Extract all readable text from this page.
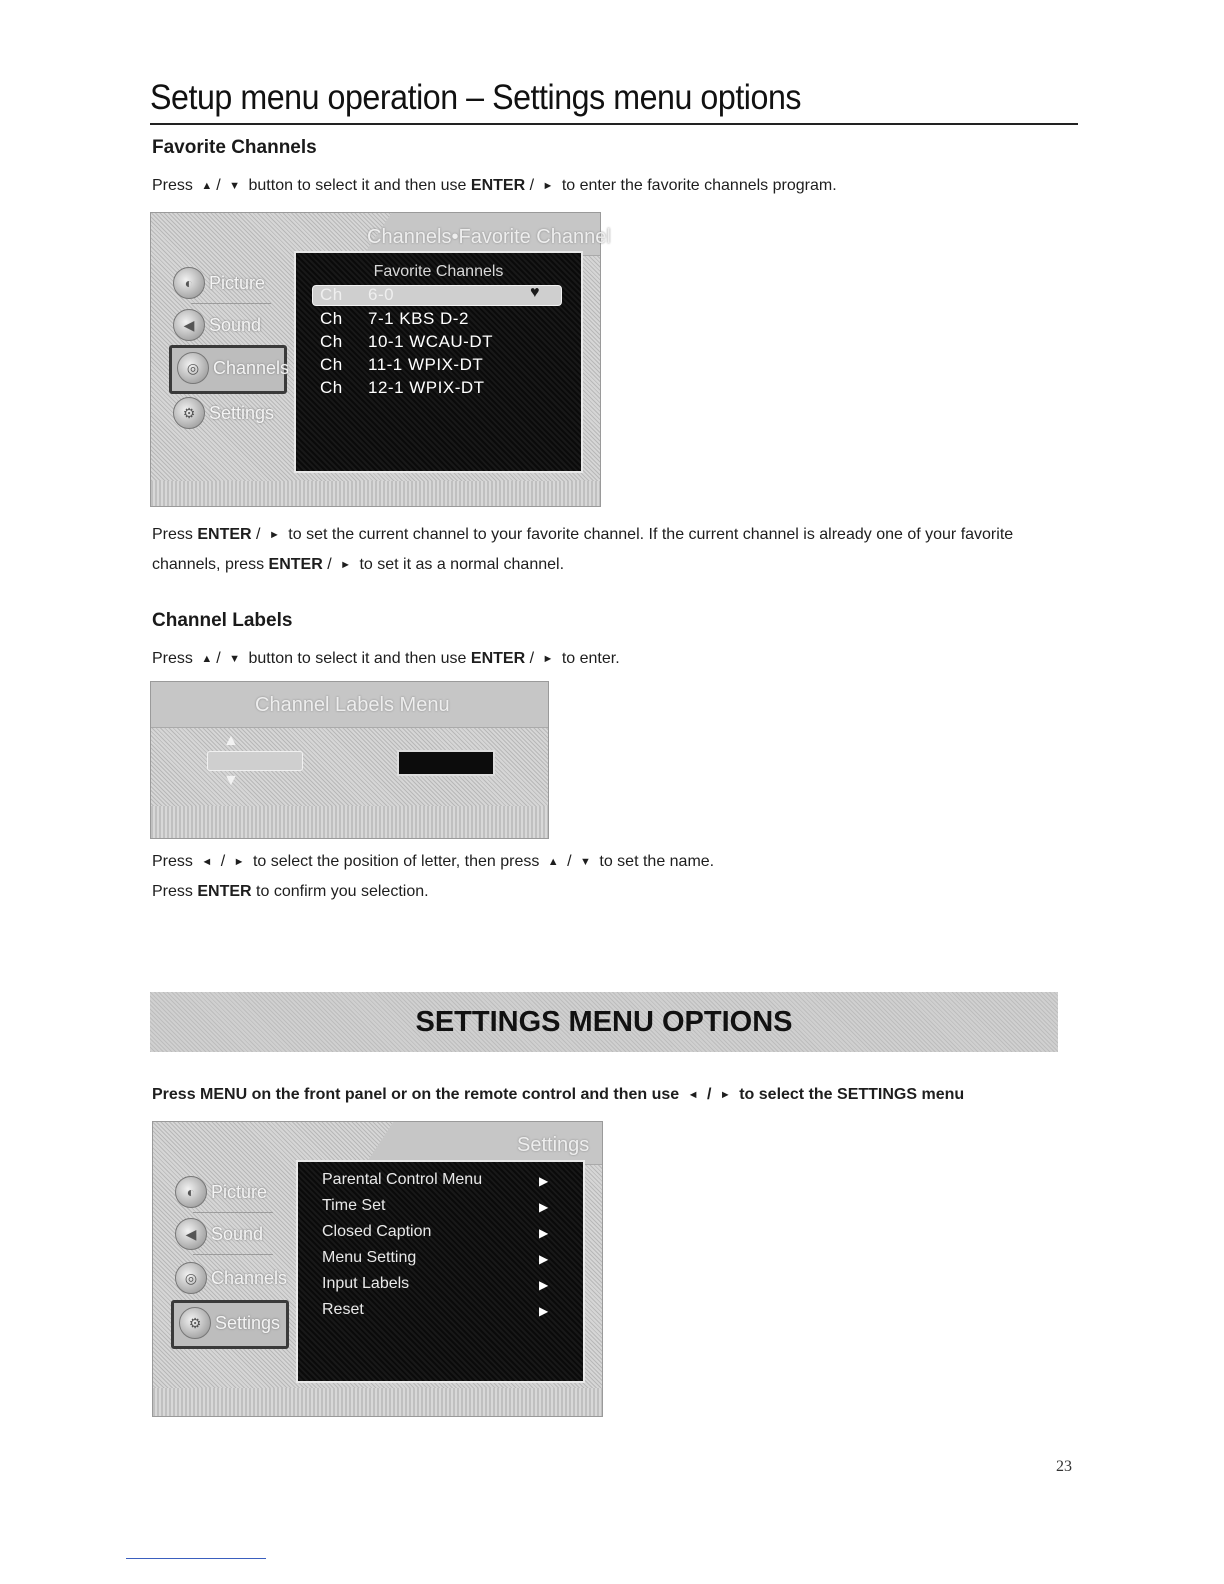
Setup menu operation – Settings menu options
Favorite Channels
Press ▲ / ▼ button to select it and then use ENTER / ► to enter the favorite channels program.
Channels•Favorite Channel
◐ Picture
◀ Sound
◎ Channels
⚙ Settings
Favorite Channels
Ch 6-0	♥
Ch 7-1 KBS D-2
Ch 10-1 WCAU-DT
Ch 11-1 WPIX-DT
Ch 12-1 WPIX-DT
Press ENTER / ► to set the current channel to your favorite channel. If the current channel is already one of your favorite
channels, press ENTER / ► to set it as a normal channel.
Channel Labels
Press ▲ / ▼ button to select it and then use ENTER / ► to enter.
Channel Labels Menu
▲
▼
Press ◄ / ► to select the position of letter, then press ▲ / ▼ to set the name.
Press ENTER to confirm you selection.
SETTINGS MENU OPTIONS
Press MENU on the front panel or on the remote control and then use ◄ / ► to select the SETTINGS menu
Settings
◐ Picture
◀ Sound
◎ Channels
⚙ Settings
Parental Control Menu	▶
Time Set	▶
Closed Caption	▶
Menu Setting	▶
Input Labels	▶
Reset	▶
23
